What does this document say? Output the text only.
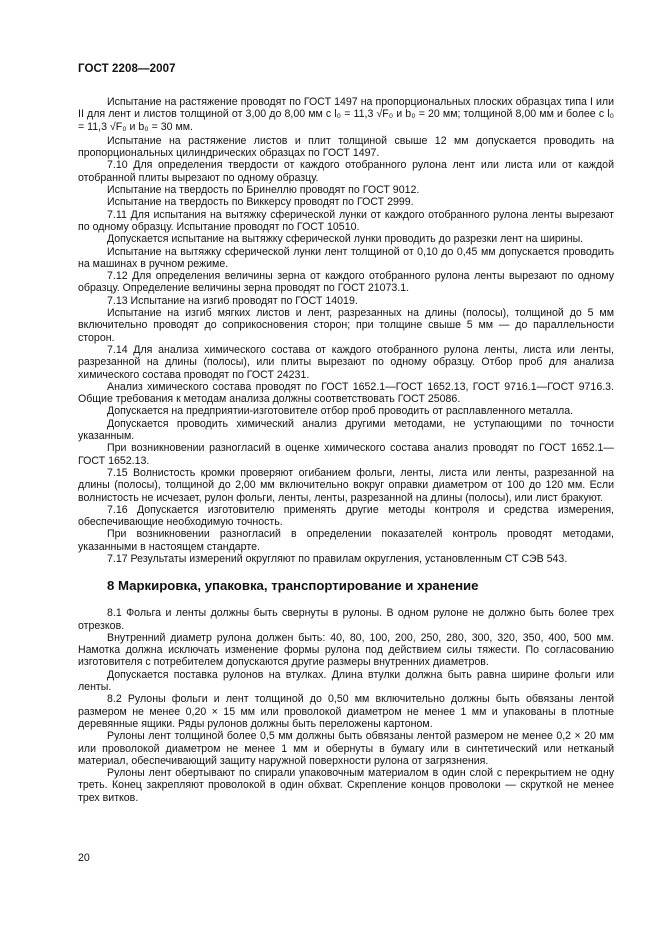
ГОСТ 2208—2007

Испытание на растяжение проводят по ГОСТ 1497 на пропорциональных плоских образцах типа I или II для лент и листов толщиной от 3,00 до 8,00 мм с l₀ = 11,3 √F₀ и b₀ = 20 мм; толщиной 8,00 мм и более с l₀ = 11,3 √F₀ и b₀ = 30 мм.

Испытание на растяжение листов и плит толщиной свыше 12 мм допускается проводить на пропорциональных цилиндрических образцах по ГОСТ 1497.

7.10 Для определения твердости от каждого отобранного рулона лент или листа или от каждой отобранной плиты вырезают по одному образцу.

Испытание на твердость по Бринеллю проводят по ГОСТ 9012.

Испытание на твердость по Виккерсу проводят по ГОСТ 2999.

7.11 Для испытания на вытяжку сферической лунки от каждого отобранного рулона ленты вырезают по одному образцу. Испытание проводят по ГОСТ 10510.

Допускается испытание на вытяжку сферической лунки проводить до разрезки лент на ширины.

Испытание на вытяжку сферической лунки лент толщиной от 0,10 до 0,45 мм допускается проводить на машинах в ручном режиме.

7.12 Для определения величины зерна от каждого отобранного рулона ленты вырезают по одному образцу. Определение величины зерна проводят по ГОСТ 21073.1.

7.13 Испытание на изгиб проводят по ГОСТ 14019.

Испытание на изгиб мягких листов и лент, разрезанных на длины (полосы), толщиной до 5 мм включительно проводят до соприкосновения сторон; при толщине свыше 5 мм — до параллельности сторон.

7.14 Для анализа химического состава от каждого отобранного рулона ленты, листа или ленты, разрезанной на длины (полосы), или плиты вырезают по одному образцу. Отбор проб для анализа химического состава проводят по ГОСТ 24231.

Анализ химического состава проводят по ГОСТ 1652.1—ГОСТ 1652.13, ГОСТ 9716.1—ГОСТ 9716.3. Общие требования к методам анализа должны соответствовать ГОСТ 25086.

Допускается на предприятии-изготовителе отбор проб проводить от расплавленного металла.

Допускается проводить химический анализ другими методами, не уступающими по точности указанным.

При возникновении разногласий в оценке химического состава анализ проводят по ГОСТ 1652.1—ГОСТ 1652.13.

7.15 Волнистость кромки проверяют огибанием фольги, ленты, листа или ленты, разрезанной на длины (полосы), толщиной до 2,00 мм включительно вокруг оправки диаметром от 100 до 120 мм. Если волнистость не исчезает, рулон фольги, ленты, ленты, разрезанной на длины (полосы), или лист бракуют.

7.16 Допускается изготовителю применять другие методы контроля и средства измерения, обеспечивающие необходимую точность.

При возникновении разногласий в определении показателей контроль проводят методами, указанными в настоящем стандарте.

7.17 Результаты измерений округляют по правилам округления, установленным СТ СЭВ 543.

8 Маркировка, упаковка, транспортирование и хранение

8.1 Фольга и ленты должны быть свернуты в рулоны. В одном рулоне не должно быть более трех отрезков.

Внутренний диаметр рулона должен быть: 40, 80, 100, 200, 250, 280, 300, 320, 350, 400, 500 мм. Намотка должна исключать изменение формы рулона под действием силы тяжести. По согласованию изготовителя с потребителем допускаются другие размеры внутренних диаметров.

Допускается поставка рулонов на втулках. Длина втулки должна быть равна ширине фольги или ленты.

8.2 Рулоны фольги и лент толщиной до 0,50 мм включительно должны быть обвязаны лентой размером не менее 0,20 × 15 мм или проволокой диаметром не менее 1 мм и упакованы в плотные деревянные ящики. Ряды рулонов должны быть переложены картоном.

Рулоны лент толщиной более 0,5 мм должны быть обвязаны лентой размером не менее 0,2 × 20 мм или проволокой диаметром не менее 1 мм и обернуты в бумагу или в синтетический или нетканый материал, обеспечивающий защиту наружной поверхности рулона от загрязнения.

Рулоны лент обертывают по спирали упаковочным материалом в один слой с перекрытием не одну треть. Конец закрепляют проволокой в один обхват. Скрепление концов проволоки — скруткой не менее трех витков.

20
